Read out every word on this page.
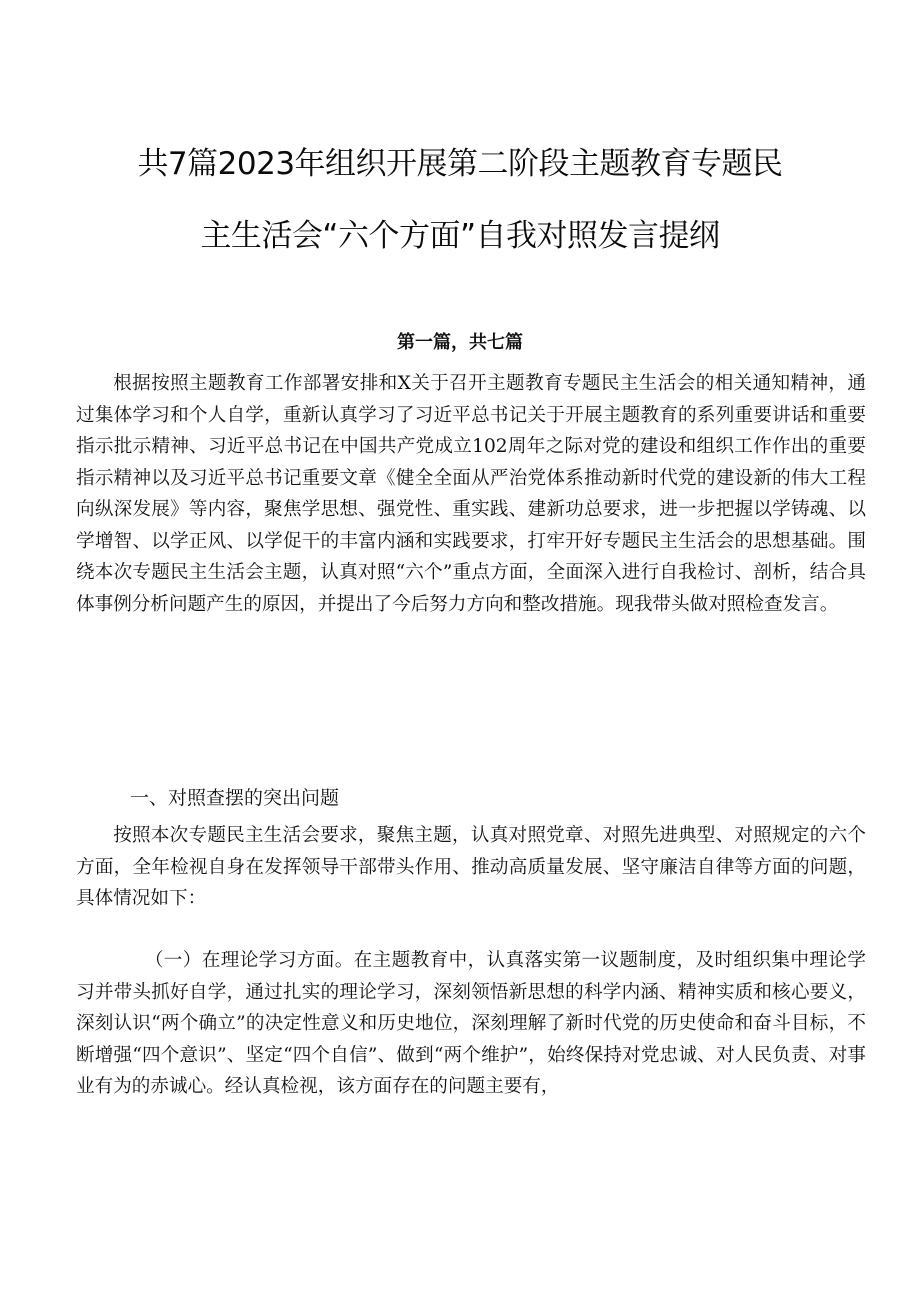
共7篇2023年组织开展第二阶段主题教育专题民
主生活会“六个方面”自我对照发言提纲
第一篇，共七篇

根据按照主题教育工作部署安排和X关于召开主题教育专题民主生活会的相关通知精神，通过集体学习和个人自学，重新认真学习了习近平总书记关于开展主题教育的系列重要讲话和重要指示批示精神、习近平总书记在中国共产党成立102周年之际对党的建设和组织工作作出的重要指示精神以及习近平总书记重要文章《健全全面从严治党体系推动新时代党的建设新的伟大工程向纵深发展》等内容，聚焦学思想、强党性、重实践、建新功总要求，进一步把握以学铸魂、以学增智、以学正风、以学促干的丰富内涵和实践要求，打牢开好专题民主生活会的思想基础。围绕本次专题民主生活会主题，认真对照“六个”重点方面，全面深入进行自我检讨、剖析，结合具体事例分析问题产生的原因，并提出了今后努力方向和整改措施。现我带头做对照检查发言。

一、对照查摆的突出问题

按照本次专题民主生活会要求，聚焦主题，认真对照党章、对照先进典型、对照规定的六个方面，全年检视自身在发挥领导干部带头作用、推动高质量发展、坚守廉洁自律等方面的问题，具体情况如下：

（一）在理论学习方面。在主题教育中，认真落实第一议题制度，及时组织集中理论学习并带头抓好自学，通过扎实的理论学习，深刻领悟新思想的科学内涵、精神实质和核心要义，深刻认识“两个确立”的决定性意义和历史地位，深刻理解了新时代党的历史使命和奋斗目标，不断增强“四个意识”、坚定“四个自信”、做到“两个维护”，始终保持对党忠诚、对人民负责、对事业有为的赤诚心。经认真检视，该方面存在的问题主要有，
